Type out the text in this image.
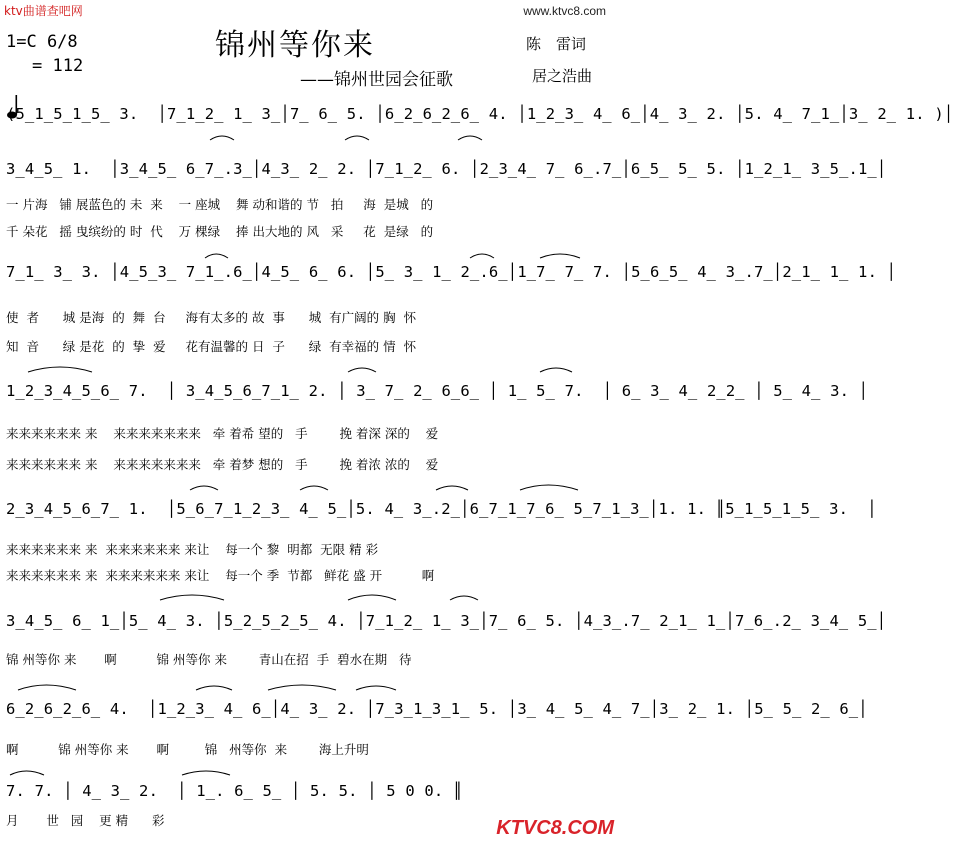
ktv曲谱查吧网	www.ktvc8.com
锦州等你来
——锦州世园会征歌
陈　雷词
居之浩曲
1=C 6/8

= 112
(5̲1̲5̲1̲5̲ 3.  │7̲1̲2̲ 1̲ 3̲│7̲ 6̲ 5. │6̲2̲6̲2̲6̲ 4. │1̲2̲3̲ 4̲ 6̲│4̲ 3̲ 2. │5. 4̲ 7̲1̲│3̲ 2̲ 1. )│
3̲4̲5̲ 1.  │3̲4̲5̲ 6̲7̲.3̲│4̲3̲ 2̲ 2. │7̲1̲2̲ 6. │2̲3̲4̲ 7̲ 6̲.7̲│6̲5̲ 5̲ 5. │1̲2̲1̲ 3̲5̲.1̲│
一 片海   铺 展蓝色的 未  来    一 座城    舞 动和谐的 节   拍     海  是城   的
千 朵花   摇 曳缤纷的 时  代    万 棵绿    捧 出大地的 风   采     花  是绿   的
7̲1̲ 3̲ 3. │4̲5̲3̲ 7̲1̲.6̲│4̲5̲ 6̲ 6. │5̲ 3̲ 1̲ 2̲.6̲│1̲7̲ 7̲ 7. │5̲6̲5̲ 4̲ 3̲.7̲│2̲1̲ 1̲ 1. │
使  者      城 是海  的  舞  台     海有太多的 故  事      城  有广阔的 胸  怀
知  音      绿 是花  的  挚  爱     花有温馨的 日  子      绿  有幸福的 情  怀
1̲2̲3̲4̲5̲6̲ 7.  │ 3̲4̲5̲6̲7̲1̲ 2. │ 3̲ 7̲ 2̲ 6̲6̲ │ 1̲ 5̲ 7.  │ 6̲ 3̲ 4̲ 2̲2̲ │ 5̲ 4̲ 3. │
来来来来来来 来    来来来来来来来   牵 着希 望的   手        挽 着深 深的    爱
来来来来来来 来    来来来来来来来   牵 着梦 想的   手        挽 着浓 浓的    爱
2̲3̲4̲5̲6̲7̲ 1.  │5̲6̲7̲1̲2̲3̲ 4̲ 5̲│5. 4̲ 3̲.2̲│6̲7̲1̲7̲6̲ 5̲7̲1̲3̲│1. 1. ║5̲1̲5̲1̲5̲ 3.  │
来来来来来来 来  来来来来来来 来让    每一个 黎  明都  无限 精 彩
来来来来来来 来  来来来来来来 来让    每一个 季  节都   鲜花 盛 开          啊
3̲4̲5̲ 6̲ 1̲│5̲ 4̲ 3. │5̲2̲5̲2̲5̲ 4. │7̲1̲2̲ 1̲ 3̲│7̲ 6̲ 5. │4̲3̲.7̲ 2̲1̲ 1̲│7̲6̲.2̲ 3̲4̲ 5̲│
锦 州等你 来       啊          锦 州等你 来        青山在招  手  碧水在期   待
6̲2̲6̲2̲6̲ 4.  │1̲2̲3̲ 4̲ 6̲│4̲ 3̲ 2. │7̲3̲1̲3̲1̲ 5. │3̲ 4̲ 5̲ 4̲ 7̲│3̲ 2̲ 1. │5̲ 5̲ 2̲ 6̲│
啊          锦 州等你 来       啊         锦   州等你  来        海上升明
7. 7. │ 4̲ 3̲ 2.  │ 1̲. 6̲ 5̲ │ 5. 5. │ 5 0 0. ║
月       世   园    更 精      彩	KTVC8.COM
